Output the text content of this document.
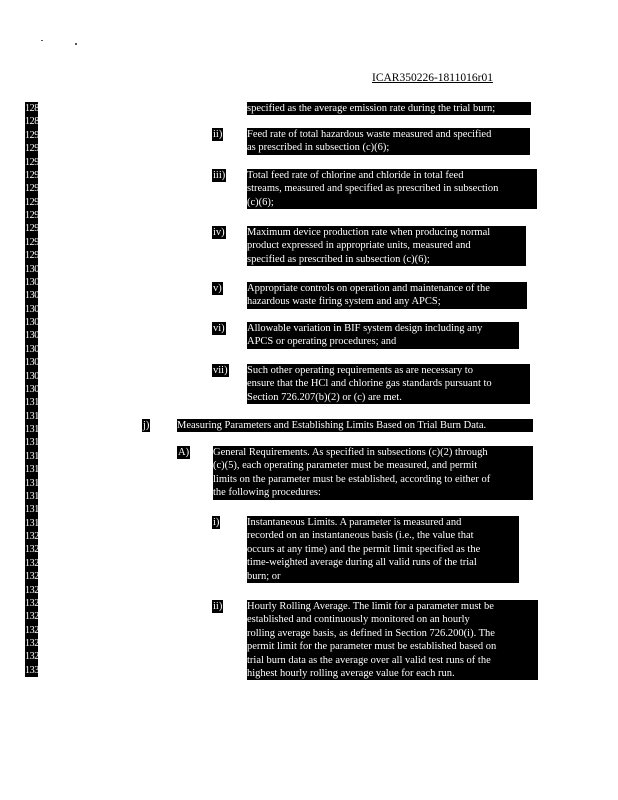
ICAR350226-1811016r01
1288
1289
1290
1291
1292
1293
1294
1295
1296
1297
1298
1299
1300
1301
1302
1303
1304
1305
1306
1307
1308
1309
1310
1311
1312
1313
1314
1315
1316
1317
1318
1319
1320
1321
1322
1323
1324
1325
1326
1327
1328
1329
1330
specified as the average emission rate during the trial burn;
ii) Feed rate of total hazardous waste measured and specified
as prescribed in subsection (c)(6);
iii) Total feed rate of chlorine and chloride in total feed
streams, measured and specified as prescribed in subsection
(c)(6);
iv) Maximum device production rate when producing normal
product expressed in appropriate units, measured and
specified as prescribed in subsection (c)(6);
v) Appropriate controls on operation and maintenance of the
hazardous waste firing system and any APCS;
vi) Allowable variation in BIF system design including any
APCS or operating procedures; and
vii) Such other operating requirements as are necessary to
ensure that the HCl and chlorine gas standards pursuant to
Section 726.207(b)(2) or (c) are met.
j)	Measuring Parameters and Establishing Limits Based on Trial Burn Data.
A) General Requirements. As specified in subsections (c)(2) through
(c)(5), each operating parameter must be measured, and permit
limits on the parameter must be established, according to either of
the following procedures:
i)	Instantaneous Limits. A parameter is measured and
recorded on an instantaneous basis (i.e., the value that
occurs at any time) and the permit limit specified as the
time-weighted average during all valid runs of the trial
burn; or
ii) Hourly Rolling Average. The limit for a parameter must be
established and continuously monitored on an hourly
rolling average basis, as defined in Section 726.200(i). The
permit limit for the parameter must be established based on
trial burn data as the average over all valid test runs of the
highest hourly rolling average value for each run.
